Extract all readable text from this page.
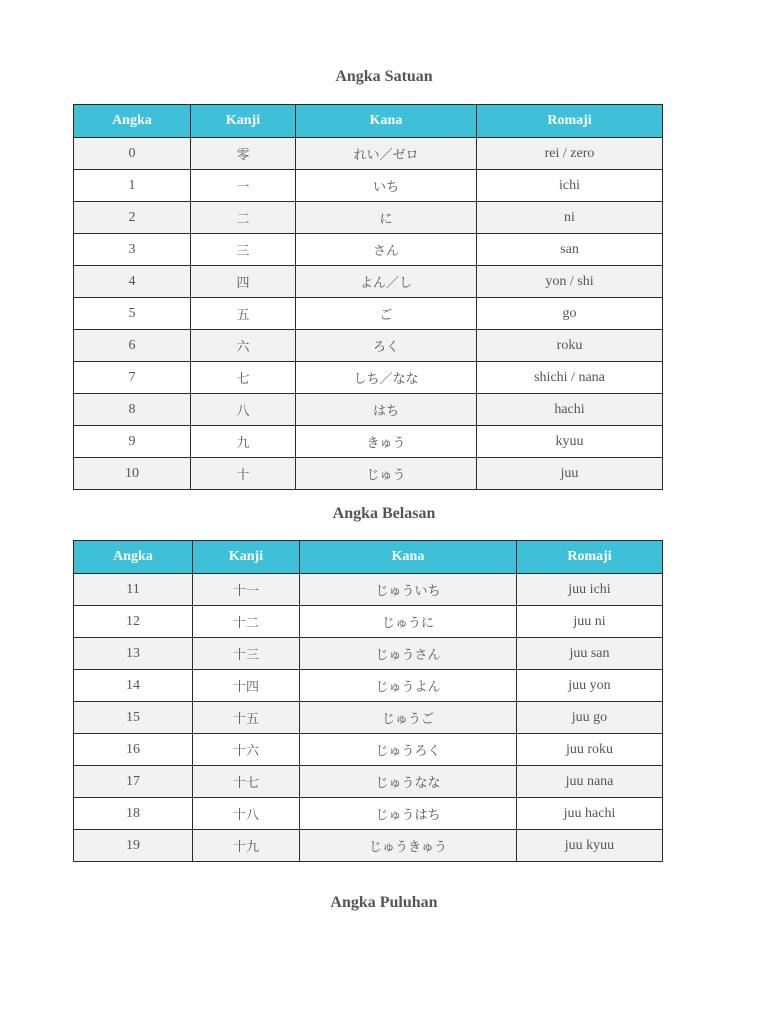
Angka Satuan
Angka	Kanji	Kana	Romaji
0	零	れい／ゼロ	rei / zero
1	一	いち	ichi
2	二	に	ni
3	三	さん	san
4	四	よん／し	yon / shi
5	五	ご	go
6	六	ろく	roku
7	七	しち／なな	shichi / nana
8	八	はち	hachi
9	九	きゅう	kyuu
10	十	じゅう	juu
Angka Belasan
Angka	Kanji	Kana	Romaji
11	十一	じゅういち	juu ichi
12	十二	じゅうに	juu ni
13	十三	じゅうさん	juu san
14	十四	じゅうよん	juu yon
15	十五	じゅうご	juu go
16	十六	じゅうろく	juu roku
17	十七	じゅうなな	juu nana
18	十八	じゅうはち	juu hachi
19	十九	じゅうきゅう	juu kyuu
Angka Puluhan
